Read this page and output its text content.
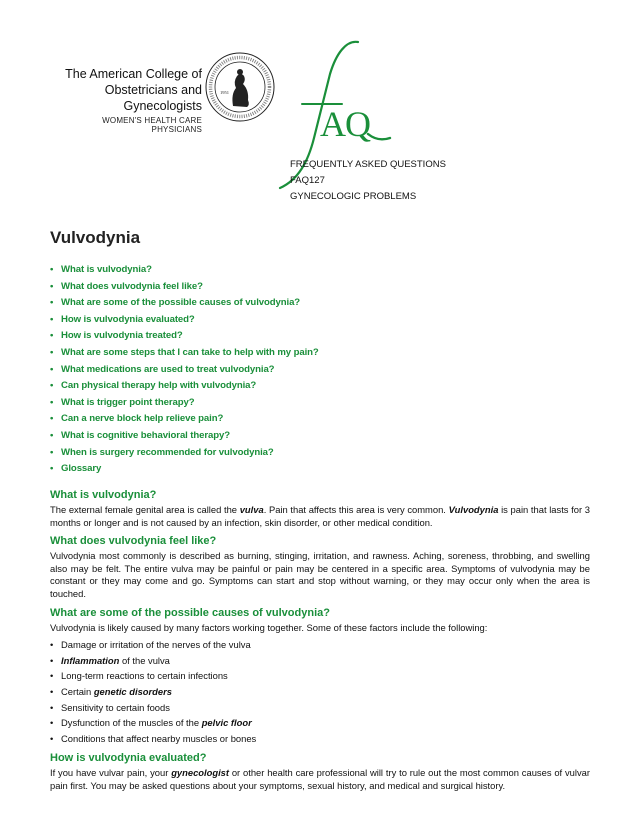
The American College of
Obstetricians and Gynecologists
WOMEN'S HEALTH CARE PHYSICIANS
1951
AQ
FREQUENTLY ASKED QUESTIONS
FAQ127
GYNECOLOGIC PROBLEMS
Vulvodynia
• What is vulvodynia?
• What does vulvodynia feel like?
• What are some of the possible causes of vulvodynia?
• How is vulvodynia evaluated?
• How is vulvodynia treated?
• What are some steps that I can take to help with my pain?
• What medications are used to treat vulvodynia?
• Can physical therapy help with vulvodynia?
• What is trigger point therapy?
• Can a nerve block help relieve pain?
• What is cognitive behavioral therapy?
• When is surgery recommended for vulvodynia?
• Glossary
What is vulvodynia?

The external female genital area is called the vulva. Pain that affects this area is very common. Vulvodynia is pain that lasts for 3 months or longer and is not caused by an infection, skin disorder, or other medical condition.

What does vulvodynia feel like?

Vulvodynia most commonly is described as burning, stinging, irritation, and rawness. Aching, soreness, throbbing, and swelling also may be felt. The entire vulva may be painful or pain may be centered in a specific area. Symptoms of vulvodynia may be constant or they may come and go. Symptoms can start and stop without warning, or they may occur only when the area is touched.

What are some of the possible causes of vulvodynia?

Vulvodynia is likely caused by many factors working together. Some of these factors include the following:

• Damage or irritation of the nerves of the vulva
• Inflammation of the vulva
• Long-term reactions to certain infections
• Certain genetic disorders
• Sensitivity to certain foods
• Dysfunction of the muscles of the pelvic floor
• Conditions that affect nearby muscles or bones
How is vulvodynia evaluated?

If you have vulvar pain, your gynecologist or other health care professional will try to rule out the most common causes of vulvar pain first. You may be asked questions about your symptoms, sexual history, and medical and surgical history.
